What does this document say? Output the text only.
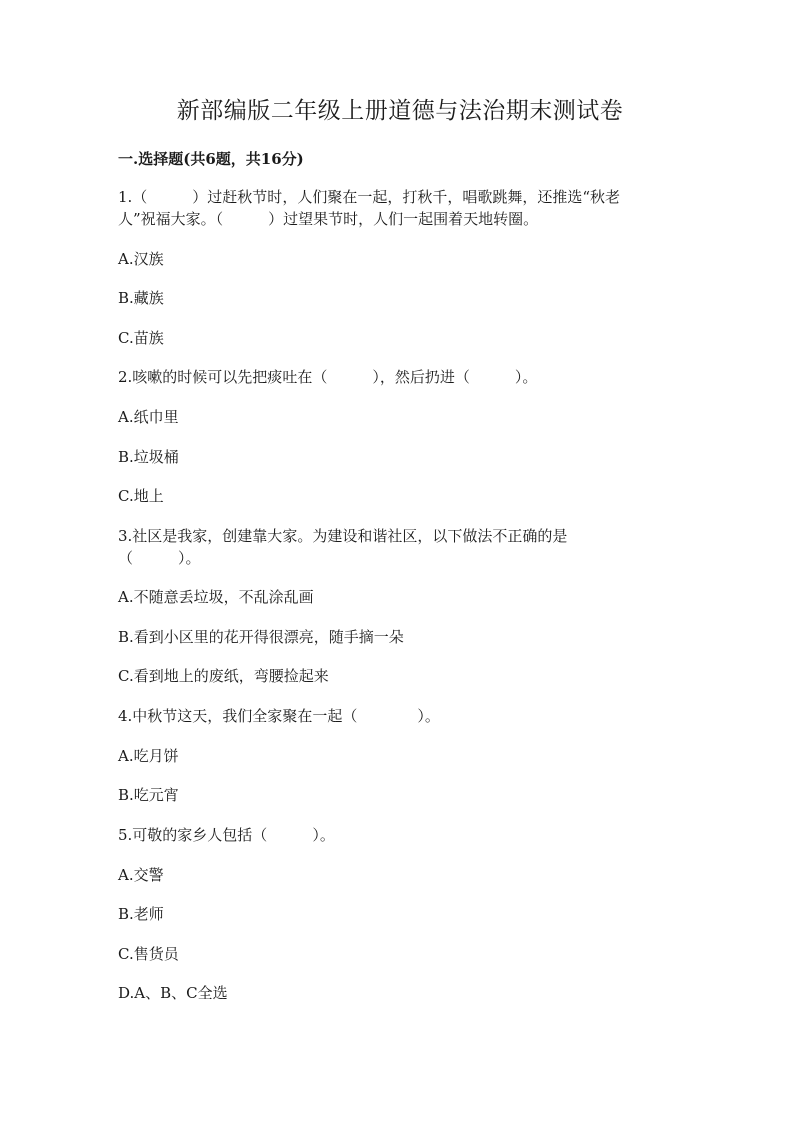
新部编版二年级上册道德与法治期末测试卷
一.选择题(共6题，共16分)
1.（　　　）过赶秋节时，人们聚在一起，打秋千，唱歌跳舞，还推选“秋老
人”祝福大家。（　　　）过望果节时，人们一起围着天地转圈。
A.汉族
B.藏族
C.苗族
2.咳嗽的时候可以先把痰吐在（　　　），然后扔进（　　　）。
A.纸巾里
B.垃圾桶
C.地上
3.社区是我家，创建靠大家。为建设和谐社区，以下做法不正确的是
（　　　）。
A.不随意丢垃圾，不乱涂乱画
B.看到小区里的花开得很漂亮，随手摘一朵
C.看到地上的废纸，弯腰捡起来
4.中秋节这天，我们全家聚在一起（　　　　）。
A.吃月饼
B.吃元宵
5.可敬的家乡人包括（　　　）。
A.交警
B.老师
C.售货员
D.A、B、C全选
